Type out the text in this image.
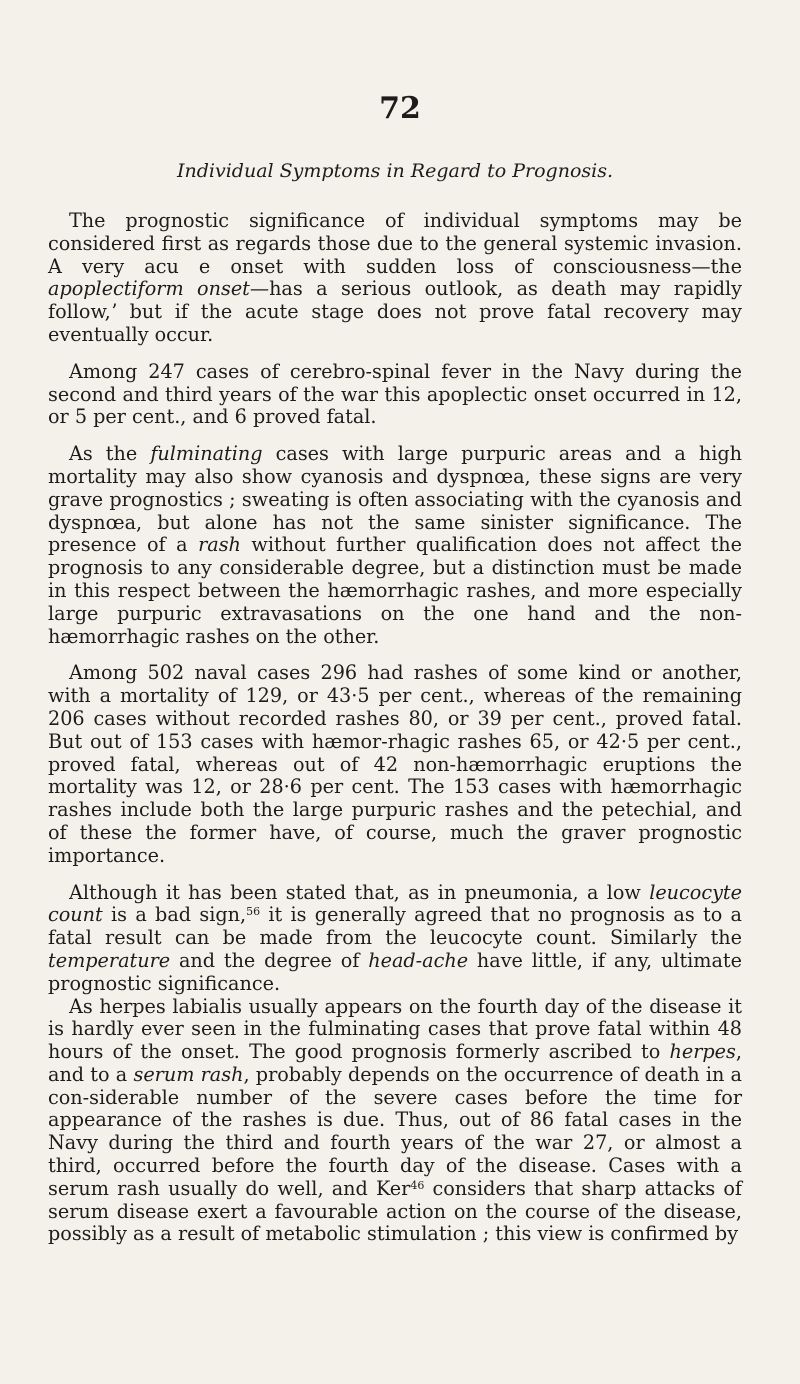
72
Individual Symptoms in Regard to Prognosis.

The prognostic significance of individual symptoms may be considered first as regards those due to the general systemic invasion. A very acu e onset with sudden loss of consciousness—the apoplectiform onset—has a serious outlook, as death may rapidly follow,ʼ but if the acute stage does not prove fatal recovery may eventually occur.

Among 247 cases of cerebro-spinal fever in the Navy during the second and third years of the war this apoplectic onset occurred in 12, or 5 per cent., and 6 proved fatal.

As the fulminating cases with large purpuric areas and a high mortality may also show cyanosis and dyspnœa, these signs are very grave prognostics ; sweating is often associating with the cyanosis and dyspnœa, but alone has not the same sinister significance. The presence of a rash without further qualification does not affect the prognosis to any considerable degree, but a distinction must be made in this respect between the hæmorrhagic rashes, and more especially large purpuric extravasations on the one hand and the non-hæmorrhagic rashes on the other.

Among 502 naval cases 296 had rashes of some kind or another, with a mortality of 129, or 43·5 per cent., whereas of the remaining 206 cases without recorded rashes 80, or 39 per cent., proved fatal. But out of 153 cases with hæmor-rhagic rashes 65, or 42·5 per cent., proved fatal, whereas out of 42 non-hæmorrhagic eruptions the mortality was 12, or 28·6 per cent. The 153 cases with hæmorrhagic rashes include both the large purpuric rashes and the petechial, and of these the former have, of course, much the graver prognostic importance.

Although it has been stated that, as in pneumonia, a low leucocyte count is a bad sign,$^{56}$ it is generally agreed that no prognosis as to a fatal result can be made from the leucocyte count. Similarly the temperature and the degree of head-ache have little, if any, ultimate prognostic significance.

As herpes labialis usually appears on the fourth day of the disease it is hardly ever seen in the fulminating cases that prove fatal within 48 hours of the onset. The good prognosis formerly ascribed to herpes, and to a serum rash, probably depends on the occurrence of death in a con-siderable number of the severe cases before the time for appearance of the rashes is due. Thus, out of 86 fatal cases in the Navy during the third and fourth years of the war 27, or almost a third, occurred before the fourth day of the disease. Cases with a serum rash usually do well, and Ker$^{46}$ considers that sharp attacks of serum disease exert a favourable action on the course of the disease, possibly as a result of metabolic stimulation ; this view is confirmed by
